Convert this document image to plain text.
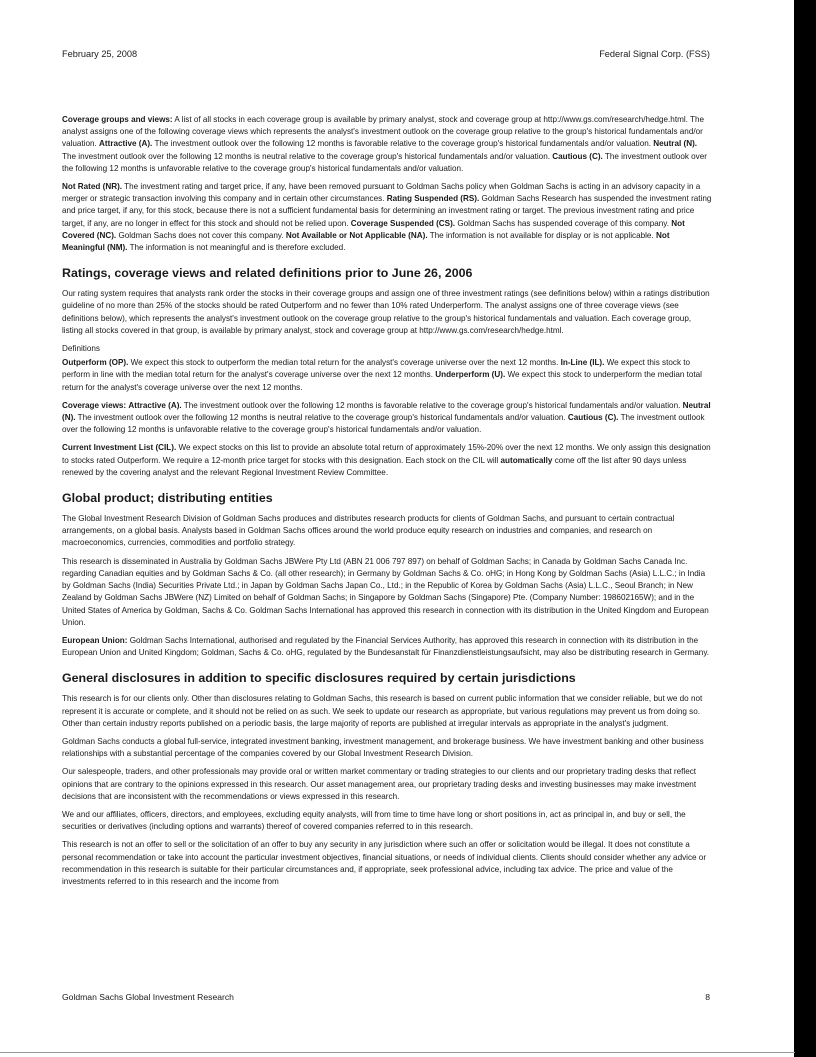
February 25, 2008	Federal Signal Corp. (FSS)

Coverage groups and views: A list of all stocks in each coverage group is available by primary analyst, stock and coverage group at http://www.gs.com/research/hedge.html. The analyst assigns one of the following coverage views which represents the analyst's investment outlook on the coverage group relative to the group's historical fundamentals and/or valuation. Attractive (A). The investment outlook over the following 12 months is favorable relative to the coverage group's historical fundamentals and/or valuation. Neutral (N). The investment outlook over the following 12 months is neutral relative to the coverage group's historical fundamentals and/or valuation. Cautious (C). The investment outlook over the following 12 months is unfavorable relative to the coverage group's historical fundamentals and/or valuation.

Not Rated (NR). The investment rating and target price, if any, have been removed pursuant to Goldman Sachs policy when Goldman Sachs is acting in an advisory capacity in a merger or strategic transaction involving this company and in certain other circumstances. Rating Suspended (RS). Goldman Sachs Research has suspended the investment rating and price target, if any, for this stock, because there is not a sufficient fundamental basis for determining an investment rating or target. The previous investment rating and price target, if any, are no longer in effect for this stock and should not be relied upon. Coverage Suspended (CS). Goldman Sachs has suspended coverage of this company. Not Covered (NC). Goldman Sachs does not cover this company. Not Available or Not Applicable (NA). The information is not available for display or is not applicable. Not Meaningful (NM). The information is not meaningful and is therefore excluded.

Ratings, coverage views and related definitions prior to June 26, 2006

Our rating system requires that analysts rank order the stocks in their coverage groups and assign one of three investment ratings (see definitions below) within a ratings distribution guideline of no more than 25% of the stocks should be rated Outperform and no fewer than 10% rated Underperform. The analyst assigns one of three coverage views (see definitions below), which represents the analyst's investment outlook on the coverage group relative to the group's historical fundamentals and valuation. Each coverage group, listing all stocks covered in that group, is available by primary analyst, stock and coverage group at http://www.gs.com/research/hedge.html.

Definitions

Outperform (OP). We expect this stock to outperform the median total return for the analyst's coverage universe over the next 12 months. In-Line (IL). We expect this stock to perform in line with the median total return for the analyst's coverage universe over the next 12 months. Underperform (U). We expect this stock to underperform the median total return for the analyst's coverage universe over the next 12 months.

Coverage views: Attractive (A). The investment outlook over the following 12 months is favorable relative to the coverage group's historical fundamentals and/or valuation. Neutral (N). The investment outlook over the following 12 months is neutral relative to the coverage group's historical fundamentals and/or valuation. Cautious (C). The investment outlook over the following 12 months is unfavorable relative to the coverage group's historical fundamentals and/or valuation.

Current Investment List (CIL). We expect stocks on this list to provide an absolute total return of approximately 15%-20% over the next 12 months. We only assign this designation to stocks rated Outperform. We require a 12-month price target for stocks with this designation. Each stock on the CIL will automatically come off the list after 90 days unless renewed by the covering analyst and the relevant Regional Investment Review Committee.

Global product; distributing entities

The Global Investment Research Division of Goldman Sachs produces and distributes research products for clients of Goldman Sachs, and pursuant to certain contractual arrangements, on a global basis. Analysts based in Goldman Sachs offices around the world produce equity research on industries and companies, and research on macroeconomics, currencies, commodities and portfolio strategy.

This research is disseminated in Australia by Goldman Sachs JBWere Pty Ltd (ABN 21 006 797 897) on behalf of Goldman Sachs; in Canada by Goldman Sachs Canada Inc. regarding Canadian equities and by Goldman Sachs & Co. (all other research); in Germany by Goldman Sachs & Co. oHG; in Hong Kong by Goldman Sachs (Asia) L.L.C.; in India by Goldman Sachs (India) Securities Private Ltd.; in Japan by Goldman Sachs Japan Co., Ltd.; in the Republic of Korea by Goldman Sachs (Asia) L.L.C., Seoul Branch; in New Zealand by Goldman Sachs JBWere (NZ) Limited on behalf of Goldman Sachs; in Singapore by Goldman Sachs (Singapore) Pte. (Company Number: 198602165W); and in the United States of America by Goldman, Sachs & Co. Goldman Sachs International has approved this research in connection with its distribution in the United Kingdom and European Union.

European Union: Goldman Sachs International, authorised and regulated by the Financial Services Authority, has approved this research in connection with its distribution in the European Union and United Kingdom; Goldman, Sachs & Co. oHG, regulated by the Bundesanstalt für Finanzdienstleistungsaufsicht, may also be distributing research in Germany.

General disclosures in addition to specific disclosures required by certain jurisdictions

This research is for our clients only. Other than disclosures relating to Goldman Sachs, this research is based on current public information that we consider reliable, but we do not represent it is accurate or complete, and it should not be relied on as such. We seek to update our research as appropriate, but various regulations may prevent us from doing so. Other than certain industry reports published on a periodic basis, the large majority of reports are published at irregular intervals as appropriate in the analyst's judgment.

Goldman Sachs conducts a global full-service, integrated investment banking, investment management, and brokerage business. We have investment banking and other business relationships with a substantial percentage of the companies covered by our Global Investment Research Division.

Our salespeople, traders, and other professionals may provide oral or written market commentary or trading strategies to our clients and our proprietary trading desks that reflect opinions that are contrary to the opinions expressed in this research. Our asset management area, our proprietary trading desks and investing businesses may make investment decisions that are inconsistent with the recommendations or views expressed in this research.

We and our affiliates, officers, directors, and employees, excluding equity analysts, will from time to time have long or short positions in, act as principal in, and buy or sell, the securities or derivatives (including options and warrants) thereof of covered companies referred to in this research.

This research is not an offer to sell or the solicitation of an offer to buy any security in any jurisdiction where such an offer or solicitation would be illegal. It does not constitute a personal recommendation or take into account the particular investment objectives, financial situations, or needs of individual clients. Clients should consider whether any advice or recommendation in this research is suitable for their particular circumstances and, if appropriate, seek professional advice, including tax advice. The price and value of the investments referred to in this research and the income from

Goldman Sachs Global Investment Research	8
